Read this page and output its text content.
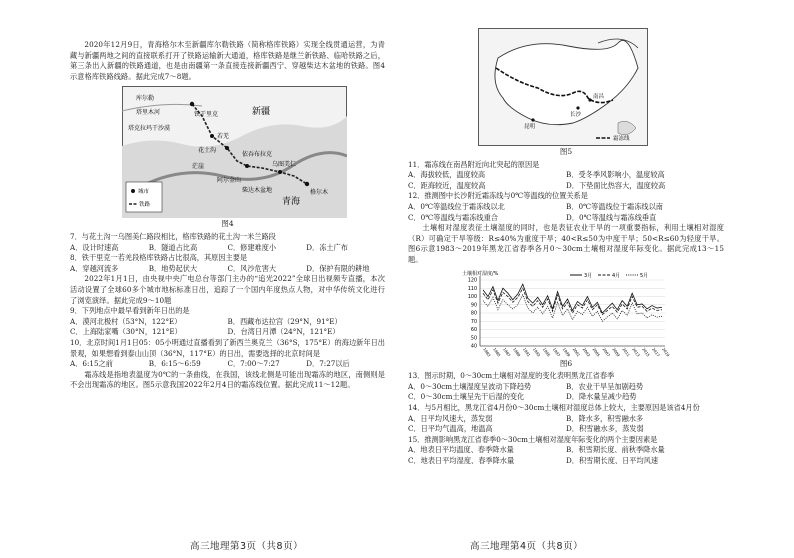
2020年12月9日，青海格尔木至新疆库尔勒铁路（简称格库铁路）实现全线贯通运营，为青藏与新疆两地之间的直接联系打开了铁路运输新大通道，格库铁路是继兰新铁路、临哈铁路之后，第三条出入新疆的铁路通道，也是由南疆第一条直接连接新疆西宁、穿越柴达木盆地的铁路。图4示意格库铁路线路。据此完成7～8题。

库尔勒
塔里木河
塔克拉玛干沙漠
铁干里克
若羌
新疆
花土沟
格尔木
依吞布拉克
乌图美仁
青海
茫崖
阿尔金山
柴达木盆地
城市
铁路

图4

7．与花土沟一乌图美仁路段相比，格库铁路的花土沟一米兰路段

A．设计时速高	B．隧道占比高	C．修建难度小	D．冻土广布

8．铁干里克一若羌段格库铁路占比很高，其原因主要是

A．穿越河流多	B．地势起伏大	C．风沙危害大	D．保护有限的耕地

2022年1月1日，由央视中央广电总台等部门主办的“追光2022”全球日出视频专直播，本次活动设置了全球60多个城市地标标准日出，追踪了一个国内年度热点人物，对中华传统文化进行了浏览演绎。据此完成9～10题

9．下列地点中最早看到新年日出的是

A．漠河北极村（53°N，122°E）	B．西藏布达拉宫（29°N，91°E）
C．上海陆家嘴（30°N，121°E）	D．台湾日月潭（24°N，121°E）

10．北京时间1月1日05：05小明通过直播看到了新西兰奥克兰（36°S，175°E）的海边新年日出景观，如果想看到泰山山顶（36°N，117°E）的日出，需要选择的北京时间是

A．6:15之前	B．6:15～6:59	C．7:00～7:27	D．7:27以后

霜冻线是指地表温度为0℃的一条曲线，在我国，该线北侧是可能出现霜冻的地区，南侧则是不会出现霜冻的地区。图5示意我国2022年2月4日的霜冻线位置。据此完成11～12题。

高三地理第3页（共8页）
长沙
昆明
南昌
霜冻线

图5

11．霜冻线在南昌附近向北突起的原因是

A．海拔较低，温度较高	B．受冬季风影响小，温度较高
C．距海较近，温度较高	D．下垫面比热容大，温度较高

12．推测图中长沙附近霜冻线与0℃等温线的位置关系是

A．0℃等温线位于霜冻线以北	B．0℃等温线位于霜冻线以南
C．0℃等温线与霜冻线重合	D．0℃等温线与霜冻线垂直

土壤相对湿度表征土壤湿度的同时，也是表征农业干旱的一项重要指标，利用土壤相对湿度（R）可确定干旱等级：R≤40%为重度干旱；40<R≤50为中度干旱；50<R≤60为轻度干旱。图6示意1983～2019年黑龙江省春季各月0～30cm土壤相对湿度年际变化。据此完成13～15题。

土壤相对湿度/%
120
110
100
90
80
70
60
50
40 1983 1985 1987 1989 1991 1993 1995 1997 1999 2001 2003 2005 2007 2009 2011 2013 2015 2017 2019
3月	4月	5月

图6

13．图示时期，0～30cm土壤相对湿度的变化表明黑龙江省春季

A．0～30cm土壤湿度呈波动下降趋势	B．农业干旱呈加剧趋势
C．0～30cm土壤呈先干后湿的变化	D．降水量呈减少趋势

14．与5月相比，黑龙江省4月份0～30cm土壤相对湿度总体上较大，主要原因是该省4月份

A．日平均风速大，蒸发弱	B．降水多，积雪融水多
C．日平均气温高，地温高	D．积雪融水多，蒸发弱

15．推测影响黑龙江省春季0～30cm土壤相对湿度年际变化的两个主要因素是

A．地表日平均温度、春季降水量	B．积雪期长度、前秋季降水量
C．地表日平均湿度、春季降水量	D．积雪期长度、日平均风速
高三地理第4页（共8页）
